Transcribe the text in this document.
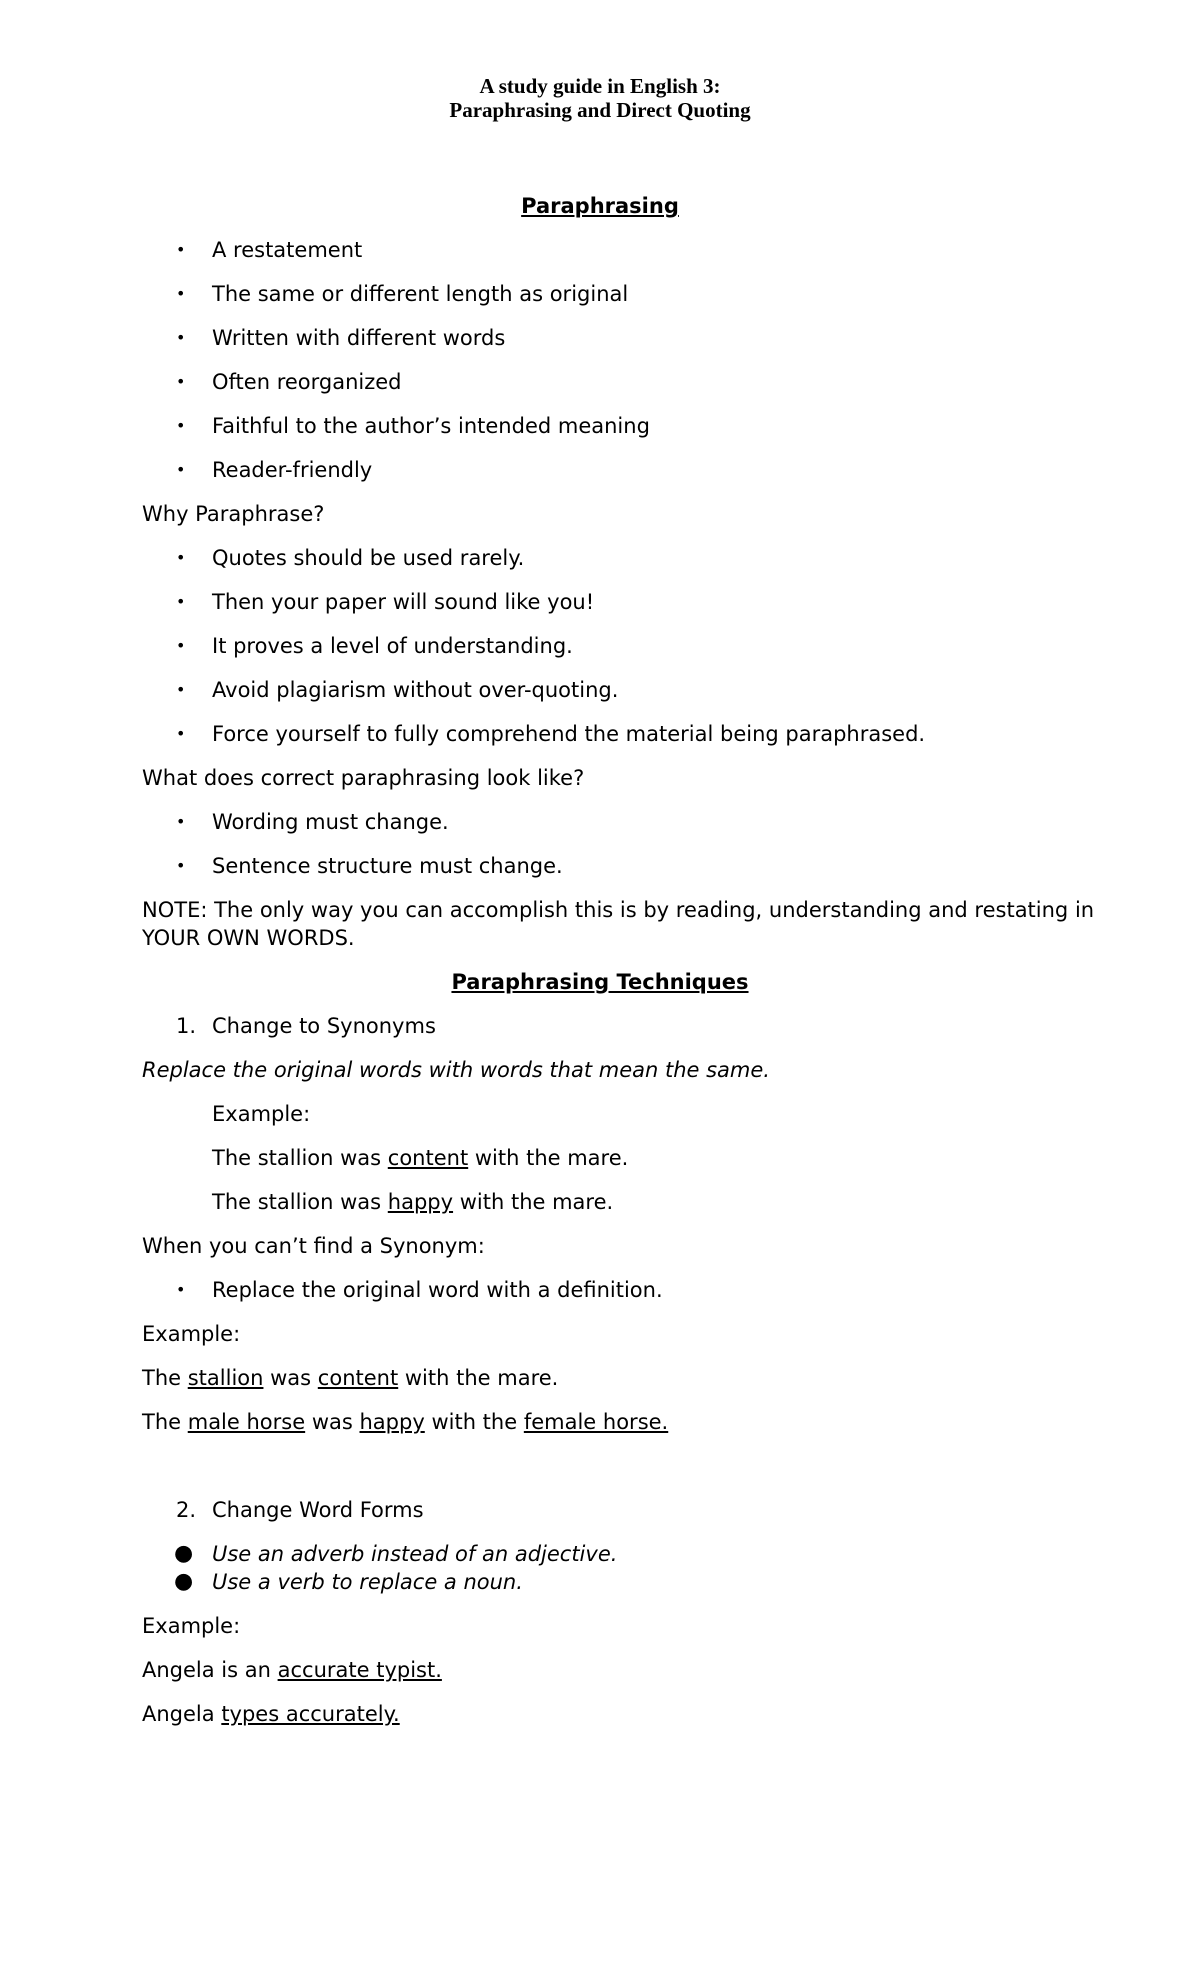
A study guide in English 3:
Paraphrasing and Direct Quoting
Paraphrasing
• A restatement
• The same or different length as original
• Written with different words
• Often reorganized
• Faithful to the author’s intended meaning
• Reader-friendly
Why Paraphrase?
• Quotes should be used rarely.
• Then your paper will sound like you!
• It proves a level of understanding.
• Avoid plagiarism without over-quoting.
• Force yourself to fully comprehend the material being paraphrased.
What does correct paraphrasing look like?
• Wording must change.
• Sentence structure must change.
NOTE: The only way you can accomplish this is by reading, understanding and restating in
YOUR OWN WORDS.
Paraphrasing Techniques
1. Change to Synonyms
Replace the original words with words that mean the same.
Example:
The stallion was content with the mare.
The stallion was happy with the mare.
When you can’t find a Synonym:
• Replace the original word with a definition.
Example:
The stallion was content with the mare.
The male horse was happy with the female horse.
2. Change Word Forms
● Use an adverb instead of an adjective.
● Use a verb to replace a noun.
Example:
Angela is an accurate typist.
Angela types accurately.
